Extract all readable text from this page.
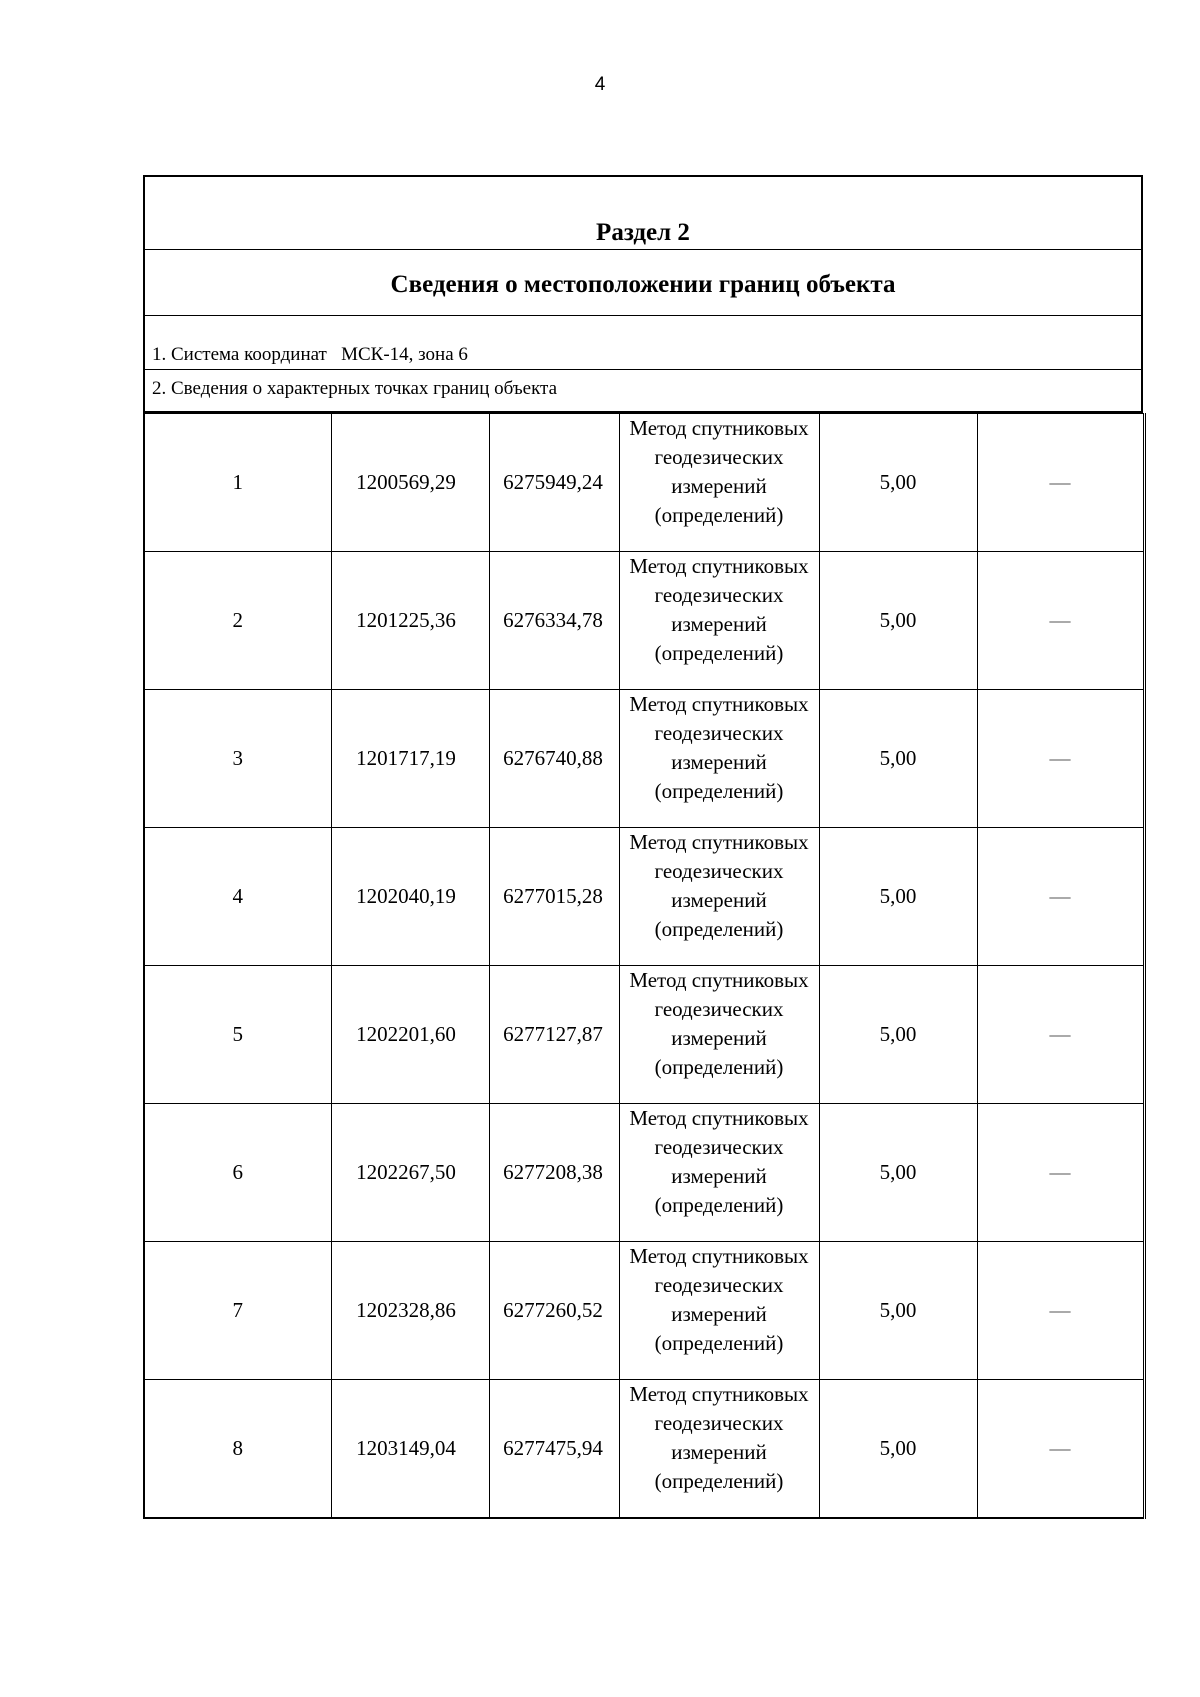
4
Раздел 2
Сведения о местоположении границ объекта
1. Система координат   МСК-14, зона 6
2. Сведения о характерных точках границ объекта
1	1200569,29	6275949,24	Метод спутниковых
геодезических
измерений
(определений)	5,00	—
2	1201225,36	6276334,78	Метод спутниковых
геодезических
измерений
(определений)	5,00	—
3	1201717,19	6276740,88	Метод спутниковых
геодезических
измерений
(определений)	5,00	—
4	1202040,19	6277015,28	Метод спутниковых
геодезических
измерений
(определений)	5,00	—
5	1202201,60	6277127,87	Метод спутниковых
геодезических
измерений
(определений)	5,00	—
6	1202267,50	6277208,38	Метод спутниковых
геодезических
измерений
(определений)	5,00	—
7	1202328,86	6277260,52	Метод спутниковых
геодезических
измерений
(определений)	5,00	—
8	1203149,04	6277475,94	Метод спутниковых
геодезических
измерений
(определений)	5,00	—
